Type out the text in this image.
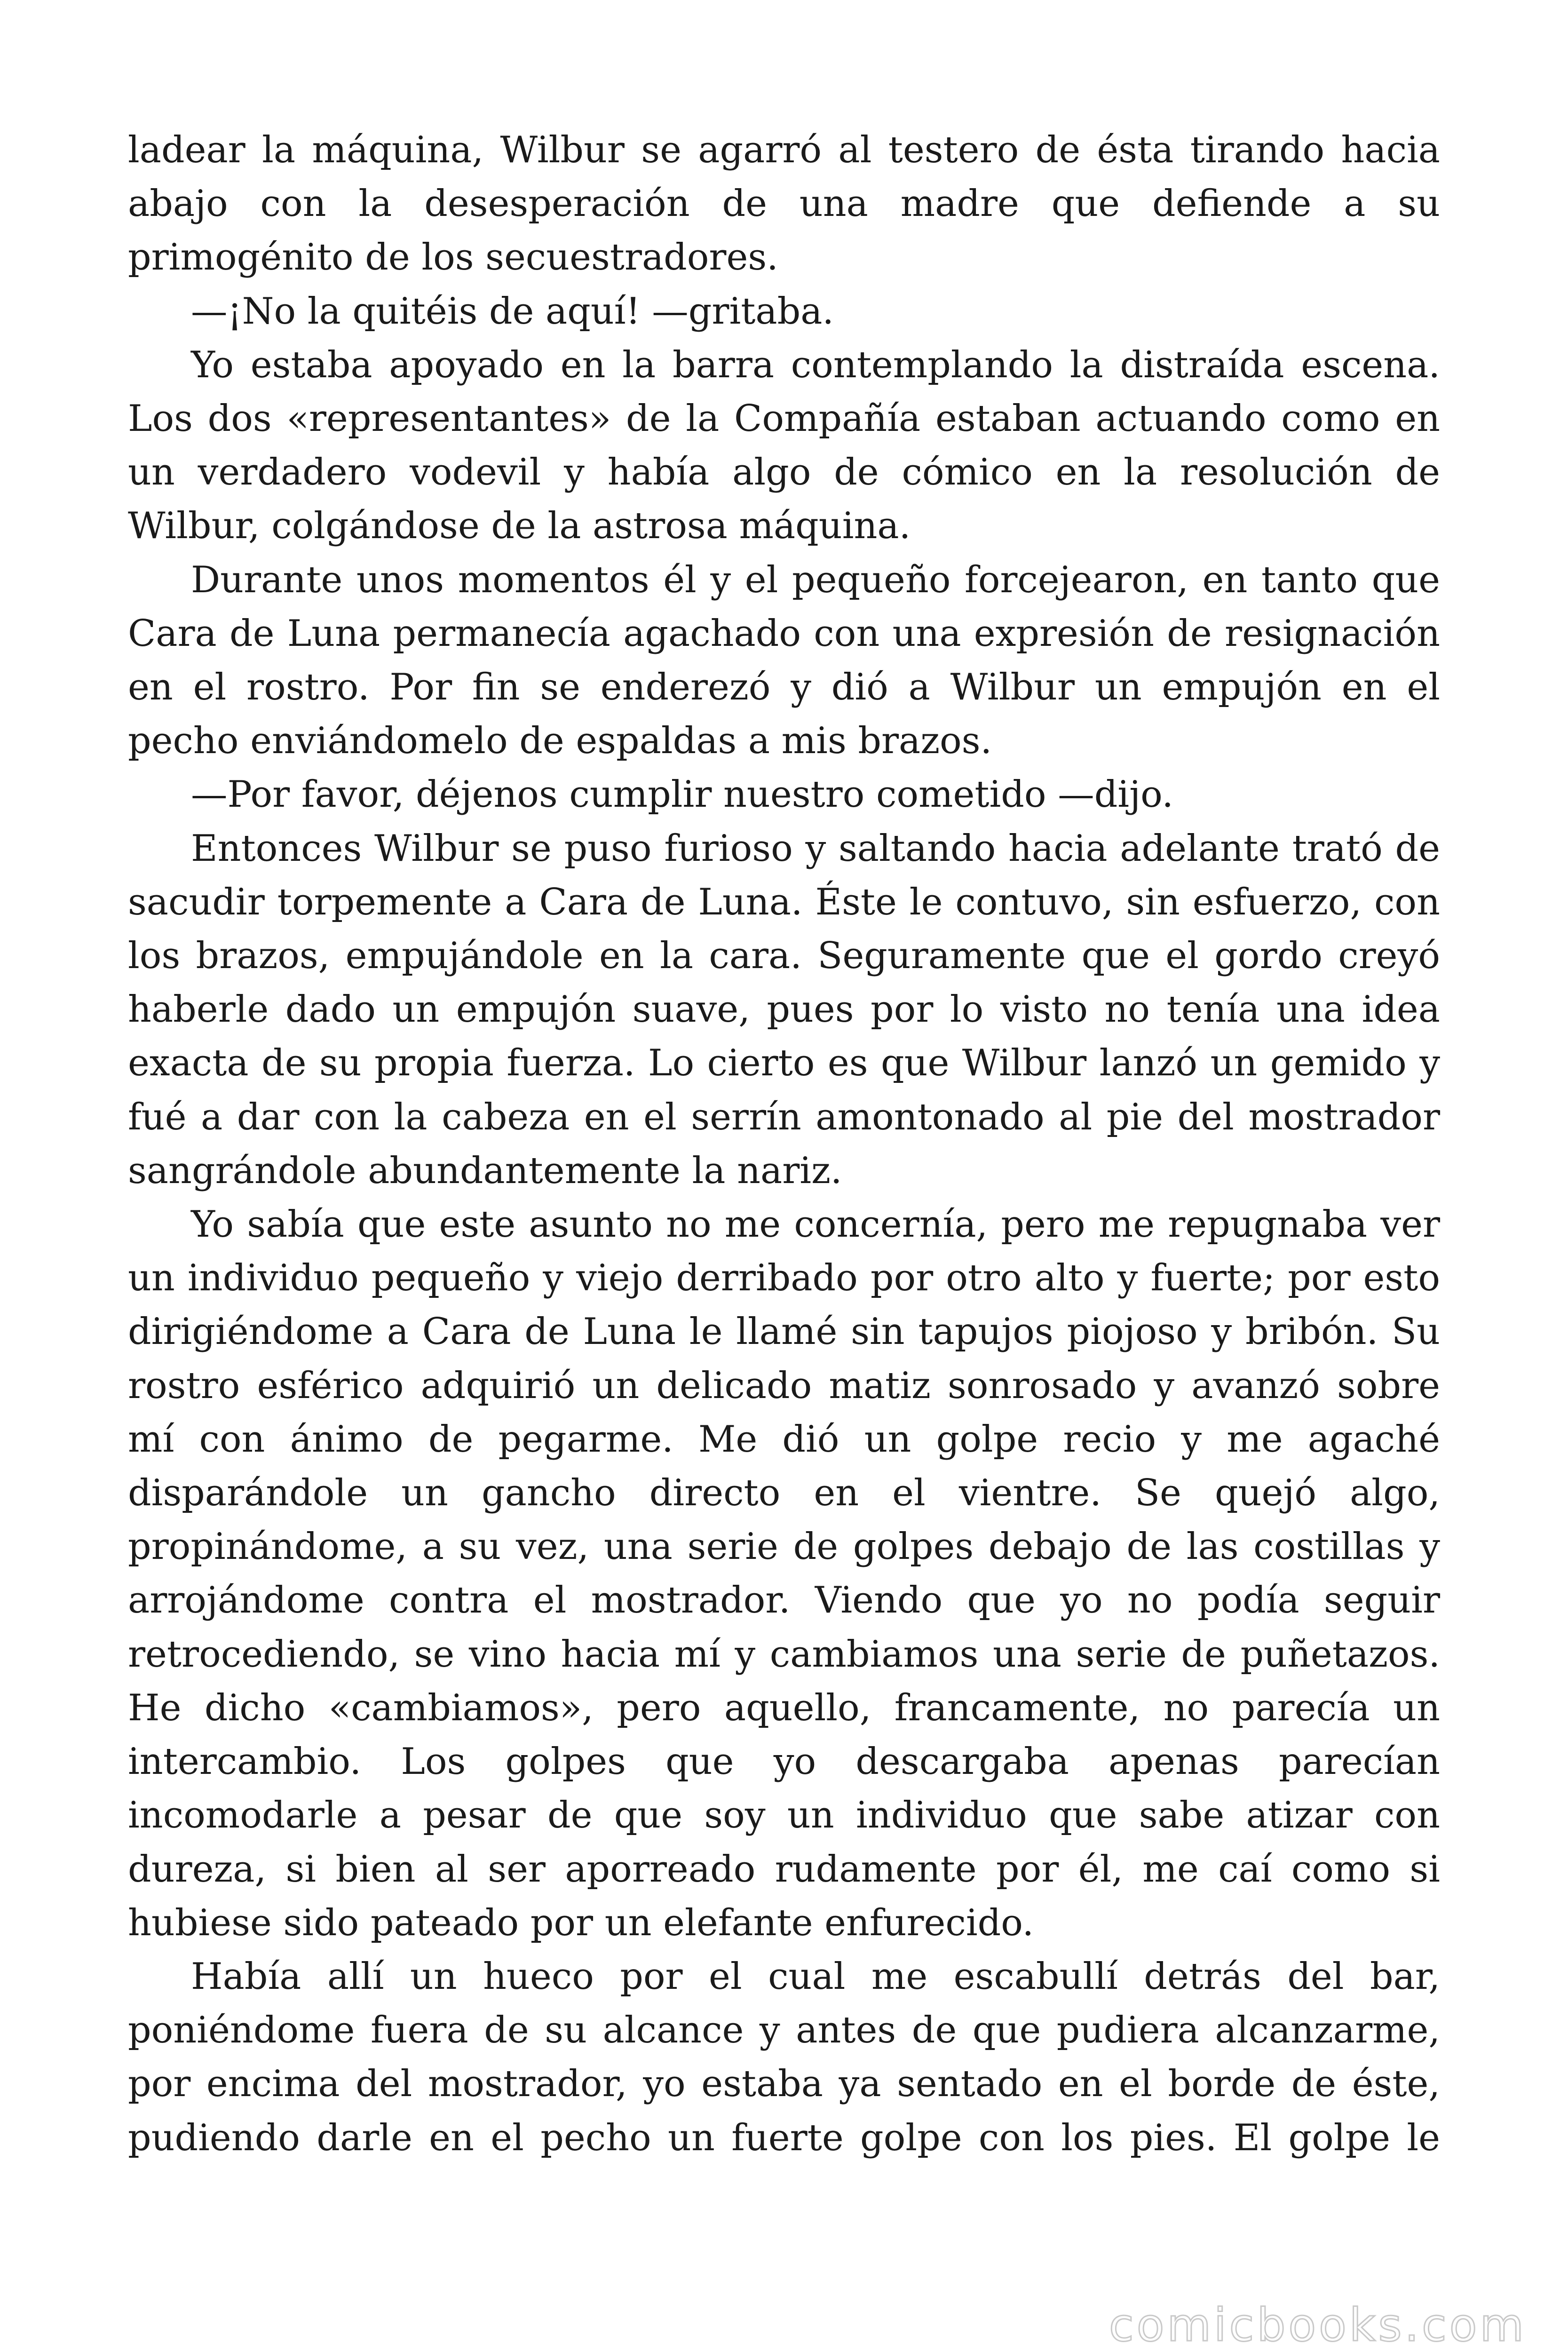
ladear la máquina, Wilbur se agarró al testero de ésta tirando hacia abajo con la desesperación de una madre que defiende a su primogénito de los secuestradores.

—¡No la quitéis de aquí! —gritaba.

Yo estaba apoyado en la barra contemplando la distraída escena. Los dos «representantes» de la Compañía estaban actuando como en un verdadero vodevil y había algo de cómico en la resolución de Wilbur, colgándose de la astrosa máquina.

Durante unos momentos él y el pequeño forcejearon, en tanto que Cara de Luna permanecía agachado con una expresión de resignación en el rostro. Por fin se enderezó y dió a Wilbur un empujón en el pecho enviándomelo de espaldas a mis brazos.

—Por favor, déjenos cumplir nuestro cometido —dijo.

Entonces Wilbur se puso furioso y saltando hacia adelante trató de sacudir torpemente a Cara de Luna. Éste le contuvo, sin esfuerzo, con los brazos, empujándole en la cara. Seguramente que el gordo creyó haberle dado un empujón suave, pues por lo visto no tenía una idea exacta de su propia fuerza. Lo cierto es que Wilbur lanzó un gemido y fué a dar con la cabeza en el serrín amontonado al pie del mostrador sangrándole abundantemente la nariz.

Yo sabía que este asunto no me concernía, pero me repugnaba ver un individuo pequeño y viejo derribado por otro alto y fuerte; por esto dirigiéndome a Cara de Luna le llamé sin tapujos piojoso y bribón. Su rostro esférico adquirió un delicado matiz sonrosado y avanzó sobre mí con ánimo de pegarme. Me dió un golpe recio y me agaché disparándole un gancho directo en el vientre. Se quejó algo, propinándome, a su vez, una serie de golpes debajo de las costillas y arrojándome contra el mostrador. Viendo que yo no podía seguir retrocediendo, se vino hacia mí y cambiamos una serie de puñetazos. He dicho «cambiamos», pero aquello, francamente, no parecía un intercambio. Los golpes que yo descargaba apenas parecían incomodarle a pesar de que soy un individuo que sabe atizar con dureza, si bien al ser aporreado rudamente por él, me caí como si hubiese sido pateado por un elefante enfurecido.

Había allí un hueco por el cual me escabullí detrás del bar, poniéndome fuera de su alcance y antes de que pudiera alcanzarme, por encima del mostrador, yo estaba ya sentado en el borde de éste, pudiendo darle en el pecho un fuerte golpe con los pies. El golpe le

comicbooks.com
